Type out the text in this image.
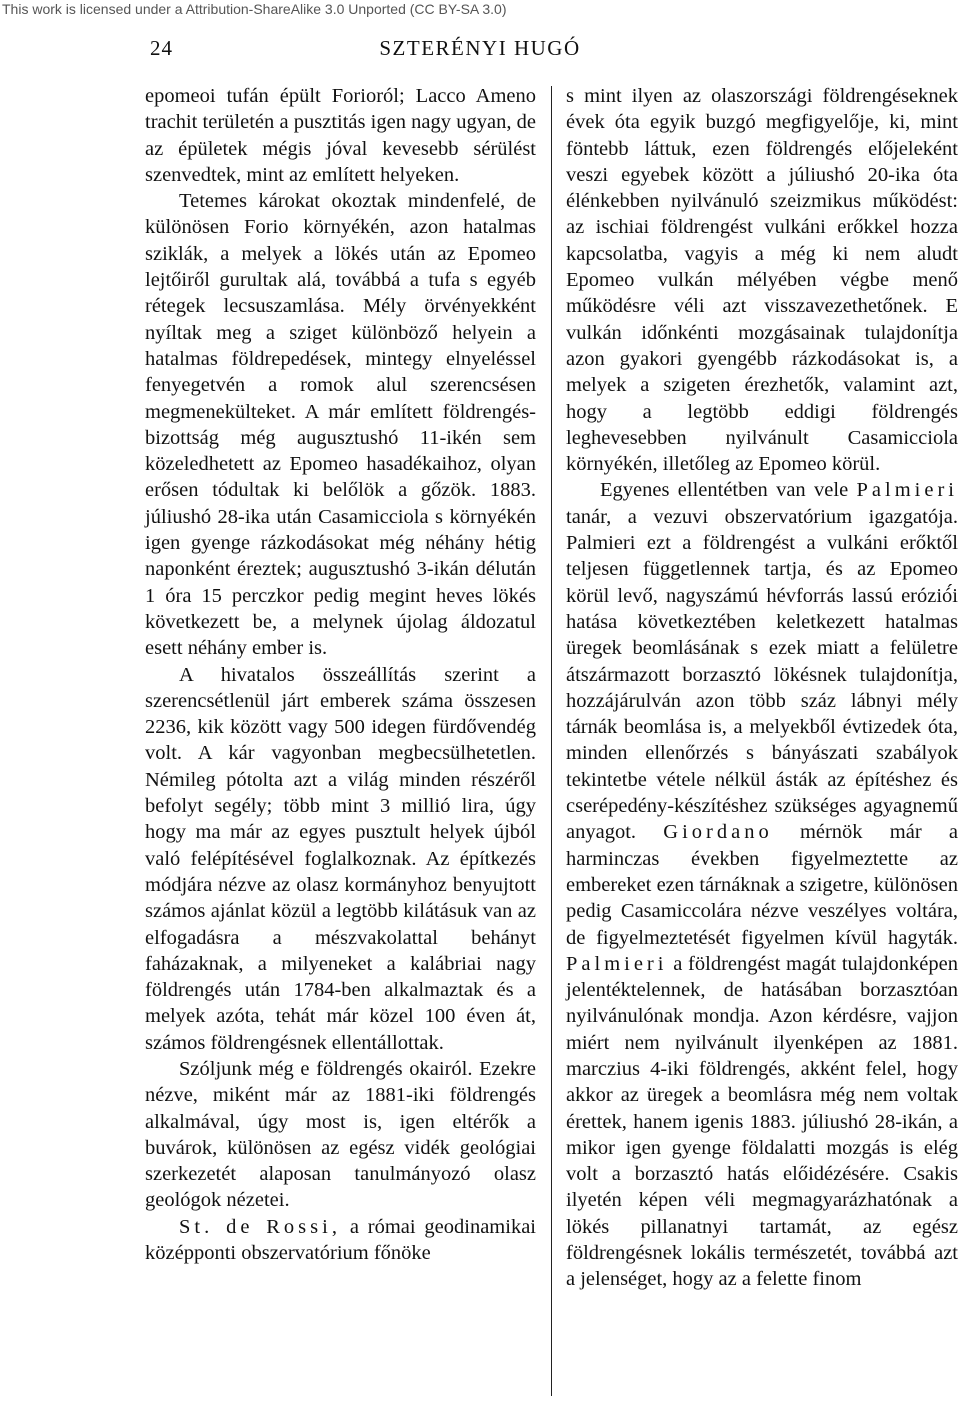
This work is licensed under a Attribution-ShareAlike 3.0 Unported (CC BY-SA 3.0)
24	SZTERÉNYI HUGÓ

epomeoi tufán épült Forioról; Lacco Ameno trachit területén a pusztitás igen nagy ugyan, de az épületek mégis jóval kevesebb sérülést szenvedtek, mint az említett helyeken.

Tetemes károkat okoztak mindenfelé, de különösen Forio környékén, azon hatalmas sziklák, a melyek a lökés után az Epomeo lejtőiről gurultak alá, továbbá a tufa s egyéb rétegek lecsuszamlása. Mély örvényekként nyíltak meg a sziget különböző helyein a hatalmas földrepedések, mintegy elnyeléssel fenyegetvén a romok alul szerencsésen megmenekülteket. A már említett földrengés-bizottság még augusztushó 11-ikén sem közeledhetett az Epomeo hasadékaihoz, olyan erősen tódultak ki belőlök a gőzök. 1883. júliushó 28-ika után Casamicciola s környékén igen gyenge rázkodásokat még néhány hétig naponként éreztek; augusztushó 3-ikán délután 1 óra 15 perczkor pedig megint heves lökés következett be, a melynek újolag áldozatul esett néhány ember is.

A hivatalos összeállítás szerint a szerencsétlenül járt emberek száma összesen 2236, kik között vagy 500 idegen fürdővendég volt. A kár vagyonban megbecsülhetetlen. Némileg pótolta azt a világ minden részéről befolyt segély; több mint 3 millió lira, úgy hogy ma már az egyes pusztult helyek újból való felépítésével foglalkoznak. Az építkezés módjára nézve az olasz kormányhoz benyujtott számos ajánlat közül a legtöbb kilátásuk van az elfogadásra a mészvakolattal behányt faházaknak, a milyeneket a kalábriai nagy földrengés után 1784-ben alkalmaztak és a melyek azóta, tehát már közel 100 éven át, számos földrengésnek ellentállottak.

Szóljunk még e földrengés okairól. Ezekre nézve, miként már az 1881-iki földrengés alkalmával, úgy most is, igen eltérők a buvárok, különösen az egész vidék geológiai szerkezetét alaposan tanulmányozó olasz geológok nézetei.

St. de Rossi, a római geodinamikai középponti obszervatórium főnöke

s mint ilyen az olaszországi földrengéseknek évek óta egyik buzgó megfigyelője, ki, mint föntebb láttuk, ezen földrengés előjeleként veszi egyebek között a júliushó 20-ika óta élénkebben nyilvánuló szeizmikus működést: az ischiai földrengést vulkáni erőkkel hozza kapcsolatba, vagyis a még ki nem aludt Epomeo vulkán mélyében végbe menő működésre véli azt visszavezethetőnek. E vulkán időnkénti mozgásainak tulajdonítja azon gyakori gyengébb rázkodásokat is, a melyek a szigeten érezhetők, valamint azt, hogy a legtöbb eddigi földrengés leghevesebben nyilvánult Casamicciola környékén, illetőleg az Epomeo körül.

Egyenes ellentétben van vele Palmieri tanár, a vezuvi obszervatórium igazgatója. Palmieri ezt a földrengést a vulkáni erőktől teljesen függetlennek tartja, és az Epomeo körül levő, nagyszámú hévforrás lassú erózió́i hatása következtében keletkezett hatalmas üregek beomlásának s ezek miatt a felületre átszármazott borzasztó lökésnek tulajdonítja, hozzájárulván azon több száz lábnyi mély tárnák beomlása is, a melyekből évtizedek óta, minden ellenőrzés s bányászati szabályok tekintetbe vétele nélkül ásták az építéshez és cserépedény-készítéshez szükséges agyagnemű anyagot. Giordano mérnök már a harminczas években figyelmeztette az embereket ezen tárnáknak a szigetre, különösen pedig Casamiccolára nézve veszélyes voltára, de figyelmeztetését figyelmen kívül hagyták. Palmieri a földrengést magát tulajdonképen jelentéktelennek, de hatásában borzasztóan nyilvánulónak mondja. Azon kérdésre, vajjon miért nem nyilvánult ilyenképen az 1881. marczius 4-iki földrengés, akként felel, hogy akkor az üregek a beomlásra még nem voltak érettek, hanem igenis 1883. júliushó 28-ikán, a mikor igen gyenge földalatti mozgás is elég volt a borzasztó hatás előidézésére. Csakis ilyetén képen véli megmagyarázhatónak a lökés pillanatnyi tartamát, az egész földrengésnek lokális természetét, továbbá azt a jelenséget, hogy az a felette finom
